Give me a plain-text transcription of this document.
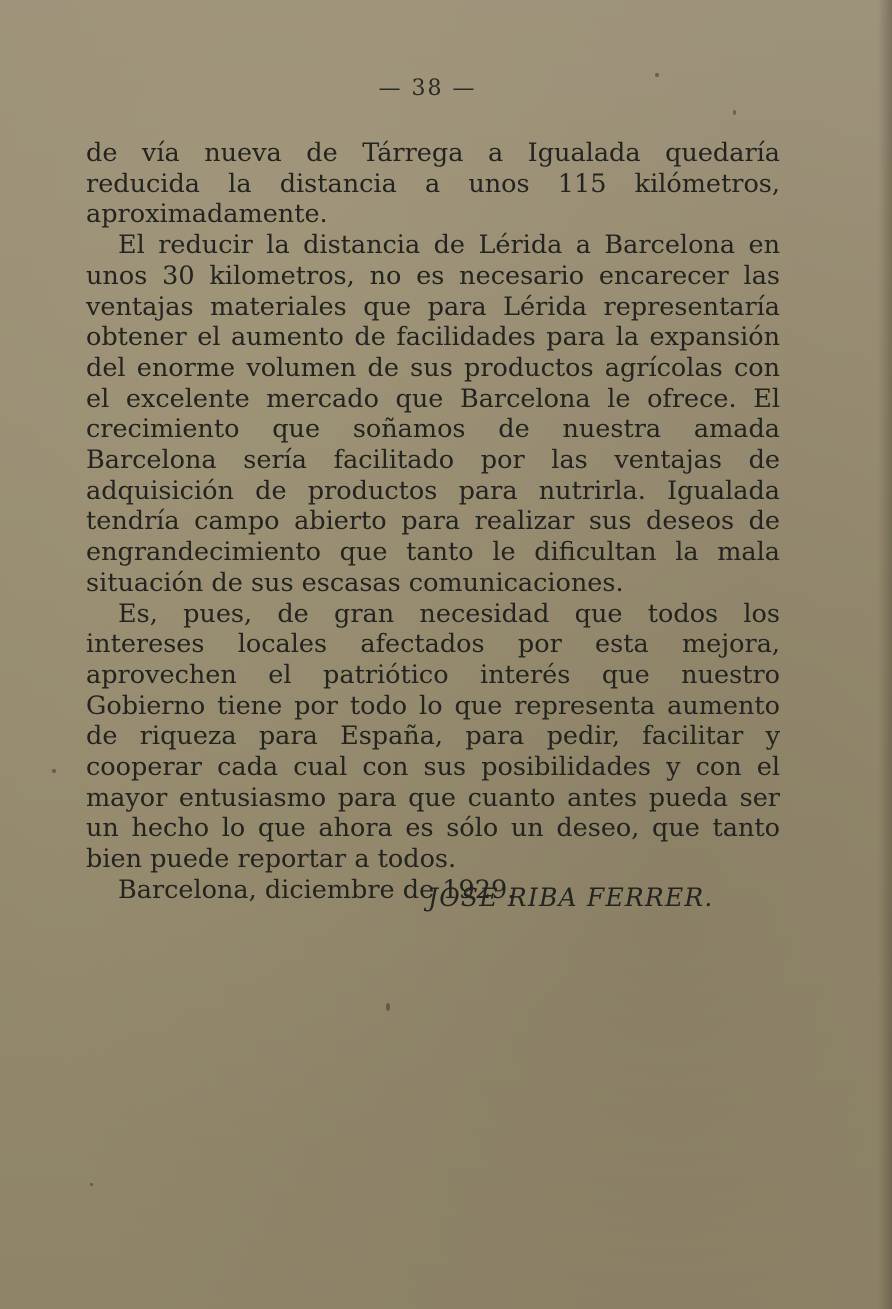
— 38 —

de vía nueva de Tárrega a Igualada quedaría reducida la distancia a unos 115 kilómetros, aproximadamente.

El reducir la distancia de Lérida a Barcelona en unos 30 kilometros, no es necesario encarecer las ventajas materiales que para Lérida representaría obtener el aumento de facilidades para la expansión del enorme volumen de sus productos agrícolas con el excelente mercado que Barcelona le ofrece. El crecimiento que soñamos de nuestra amada Barcelona sería facilitado por las ventajas de adquisición de productos para nutrirla. Igualada tendría campo abierto para realizar sus deseos de engrandecimiento que tanto le dificultan la mala situación de sus escasas comunicaciones.

Es, pues, de gran necesidad que todos los intereses locales afectados por esta mejora, aprovechen el patriótico interés que nuestro Gobierno tiene por todo lo que representa aumento de riqueza para España, para pedir, facilitar y cooperar cada cual con sus posibilidades y con el mayor entusiasmo para que cuanto antes pueda ser un hecho lo que ahora es sólo un deseo, que tanto bien puede reportar a todos.

Barcelona, diciembre de 1929.

JOSE RIBA FERRER.
